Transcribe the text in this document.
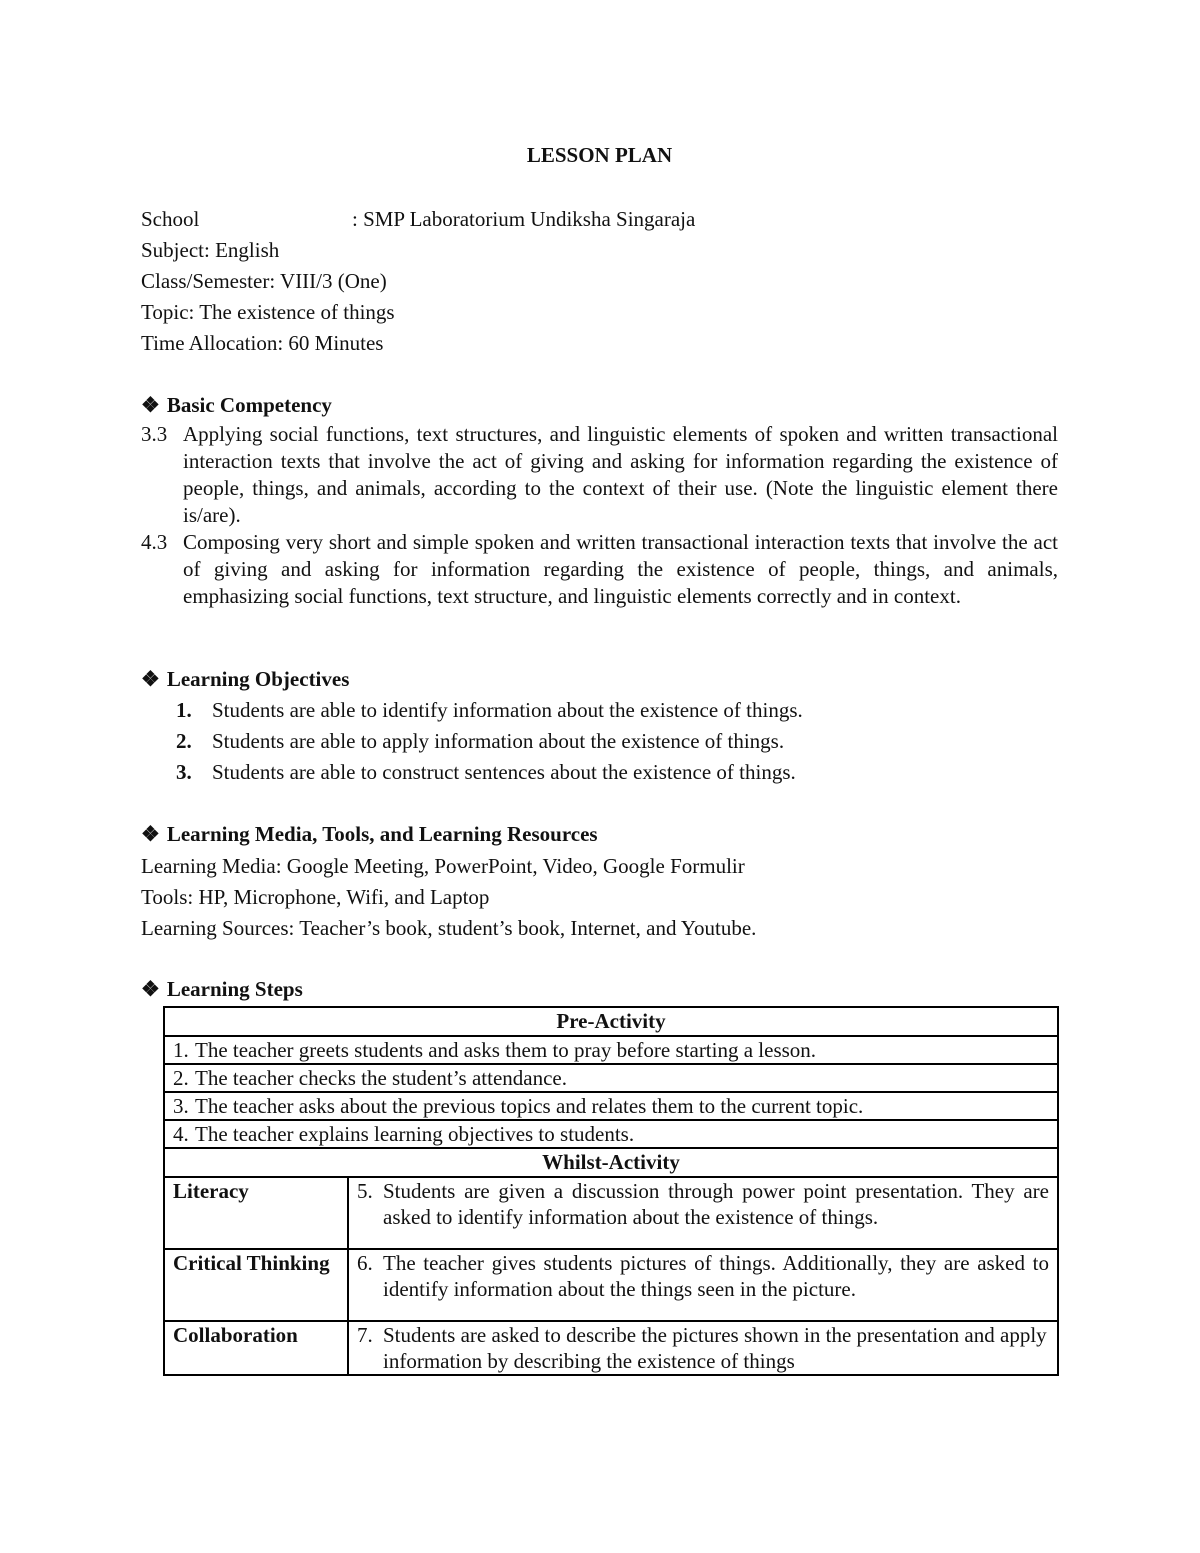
LESSON PLAN
School	: SMP Laboratorium Undiksha Singaraja
Subject: English
Class/Semester: VIII/3 (One)
Topic: The existence of things
Time Allocation: 60 Minutes
❖ Basic Competency
3.3 Applying social functions, text structures, and linguistic elements of spoken and written transactional interaction texts that involve the act of giving and asking for information regarding the existence of people, things, and animals, according to the context of their use. (Note the linguistic element there is/are).
4.3 Composing very short and simple spoken and written transactional interaction texts that involve the act of giving and asking for information regarding the existence of people, things, and animals, emphasizing social functions, text structure, and linguistic elements correctly and in context.
❖ Learning Objectives
1. Students are able to identify information about the existence of things.
2. Students are able to apply information about the existence of things.
3. Students are able to construct sentences about the existence of things.
❖ Learning Media, Tools, and Learning Resources
Learning Media: Google Meeting, PowerPoint, Video, Google Formulir
Tools: HP, Microphone, Wifi, and Laptop
Learning Sources: Teacher’s book, student’s book, Internet, and Youtube.
❖ Learning Steps
Pre-Activity	

1. The teacher greets students and asks them to pray before starting a lesson.	

2. The teacher checks the student’s attendance.	

3. The teacher asks about the previous topics and relates them to the current topic.	

4. The teacher explains learning objectives to students.	

Whilst-Activity	
Literacy	5. Students are given a discussion through power point presentation. They are asked to identify information about the existence of things.

Critical Thinking	6. The teacher gives students pictures of things. Additionally, they are asked to identify information about the things seen in the picture.

Collaboration	7. Students are asked to describe the pictures shown in the presentation and apply information by describing the existence of things
